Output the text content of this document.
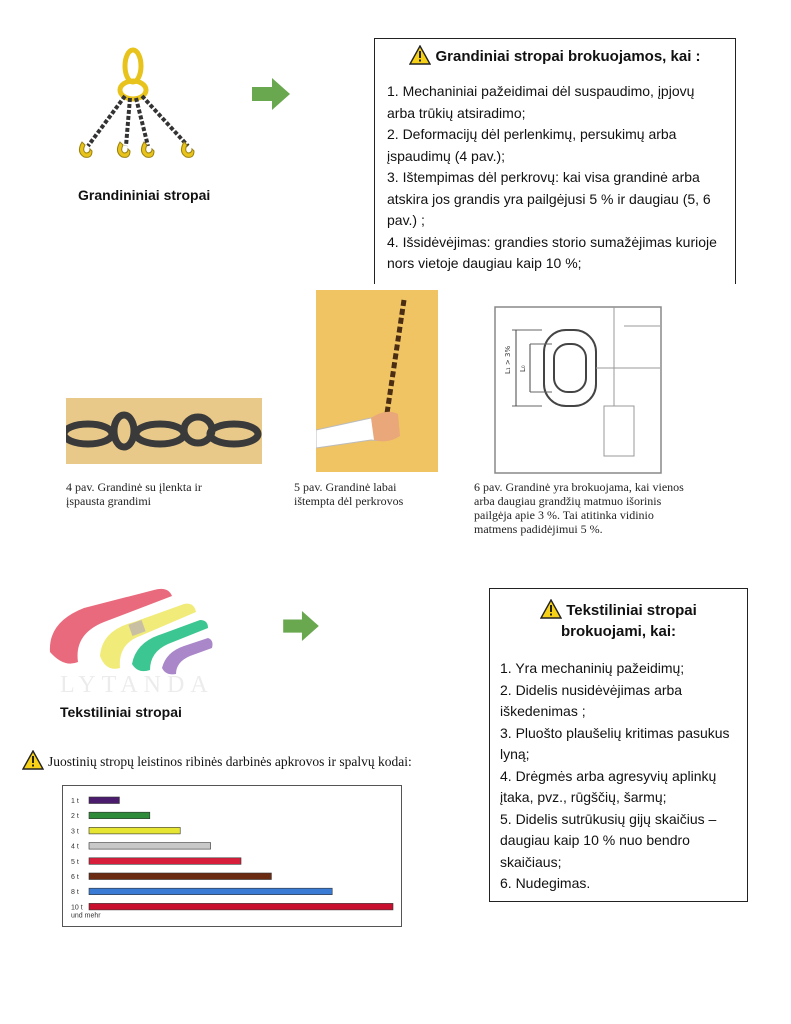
Grandininiai stropai
Grandiniai stropai brokuojamos, kai :
1. Mechaniniai pažeidimai dėl suspaudimo, įpjovų arba trūkių atsiradimo;
2. Deformacijų dėl perlenkimų, persukimų arba įspaudimų (4 pav.);
3. Ištempimas dėl perkrovų: kai visa grandinė arba atskira jos grandis yra pailgėjusi 5 % ir daugiau (5, 6 pav.) ;
4. Išsidėvėjimas: grandies storio sumažėjimas kurioje nors vietoje daugiau kaip 10 %;
4 pav. Grandinė su įlenkta ir įspausta grandimi
5 pav. Grandinė labai ištempta dėl perkrovos
L₁ > 3% L₀
6 pav. Grandinė yra brokuojama, kai vienos arba daugiau grandžių matmuo išorinis pailgėja apie 3 %. Tai atitinka vidinio matmens padidėjimui 5 %.
LYTANDA
Tekstiliniai stropai
Tekstiliniai stropai
brokuojami, kai:
1. Yra mechaninių pažeidimų;
2. Didelis nusidėvėjimas arba iškedenimas ;
3. Pluošto plaušelių kritimas pasukus lyną;
4. Drėgmės arba agresyvių aplinkų įtaka, pvz., rūgščių, šarmų;
5. Didelis sutrūkusių gijų skaičius – daugiau kaip 10 % nuo bendro skaičiaus;
6. Nudegimas.
Juostinių stropų leistinos ribinės darbinės apkrovos ir spalvų kodai:
1 t
2 t
3 t
4 t
5 t
6 t
8 t
10 t
und mehr
